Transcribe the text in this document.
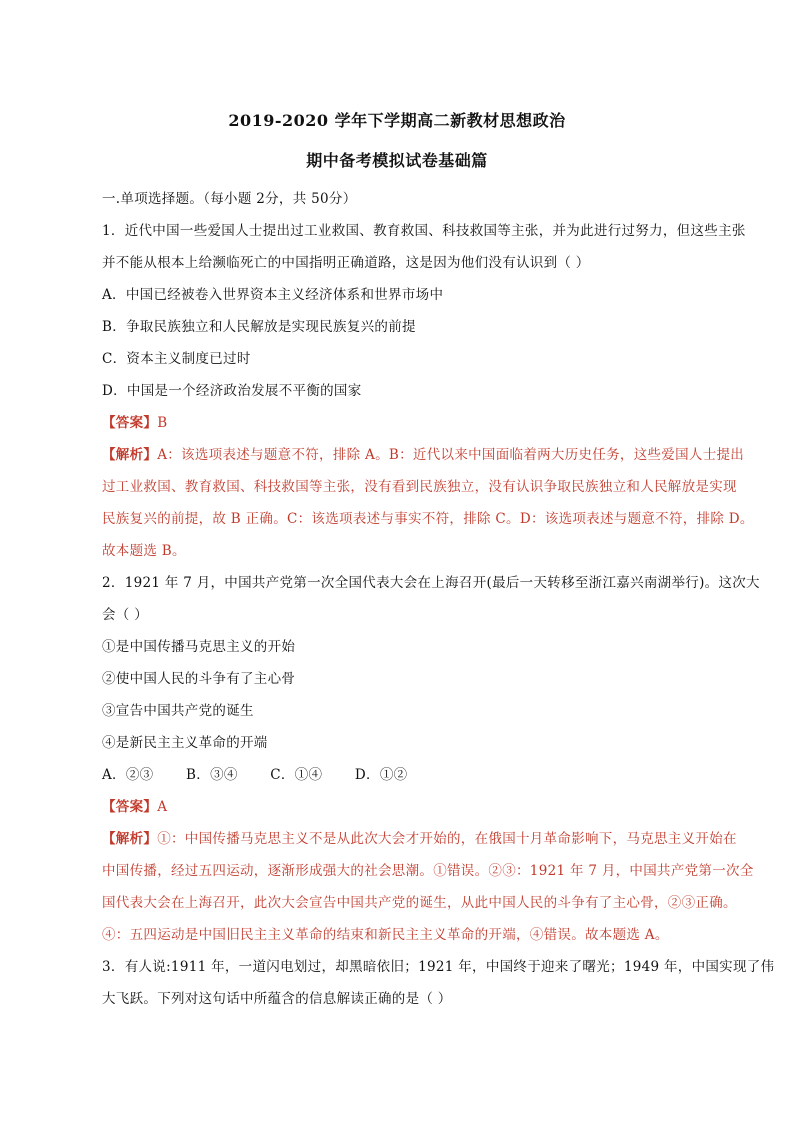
2019-2020 学年下学期高二新教材思想政治
期中备考模拟试卷基础篇
一.单项选择题。（每小题 2分，共 50分）
1．近代中国一些爱国人士提出过工业救国、教育救国、科技救国等主张，并为此进行过努力，但这些主张
并不能从根本上给濒临死亡的中国指明正确道路，这是因为他们没有认识到（ ）
A．中国已经被卷入世界资本主义经济体系和世界市场中
B．争取民族独立和人民解放是实现民族复兴的前提
C．资本主义制度已过时
D．中国是一个经济政治发展不平衡的国家
【答案】B
【解析】A：该选项表述与题意不符，排除 A。B：近代以来中国面临着两大历史任务，这些爱国人士提出
过工业救国、教育救国、科技救国等主张，没有看到民族独立，没有认识争取民族独立和人民解放是实现
民族复兴的前提，故 B 正确。C：该选项表述与事实不符，排除 C。D：该选项表述与题意不符，排除 D。
故本题选 B。
2．1921 年 7 月，中国共产党第一次全国代表大会在上海召开(最后一天转移至浙江嘉兴南湖举行)。这次大
会（ ）
①是中国传播马克思主义的开始
②使中国人民的斗争有了主心骨
③宣告中国共产党的诞生
④是新民主主义革命的开端
A．②③ B．③④ C．①④ D．①②
【答案】A
【解析】①：中国传播马克思主义不是从此次大会才开始的，在俄国十月革命影响下，马克思主义开始在
中国传播，经过五四运动，逐渐形成强大的社会思潮。①错误。②③：1921 年 7 月，中国共产党第一次全
国代表大会在上海召开，此次大会宣告中国共产党的诞生，从此中国人民的斗争有了主心骨，②③正确。
④：五四运动是中国旧民主主义革命的结束和新民主主义革命的开端，④错误。故本题选 A。
3．有人说:1911 年，一道闪电划过，却黑暗依旧；1921 年，中国终于迎来了曙光；1949 年，中国实现了伟
大飞跃。下列对这句话中所蕴含的信息解读正确的是（ ）
